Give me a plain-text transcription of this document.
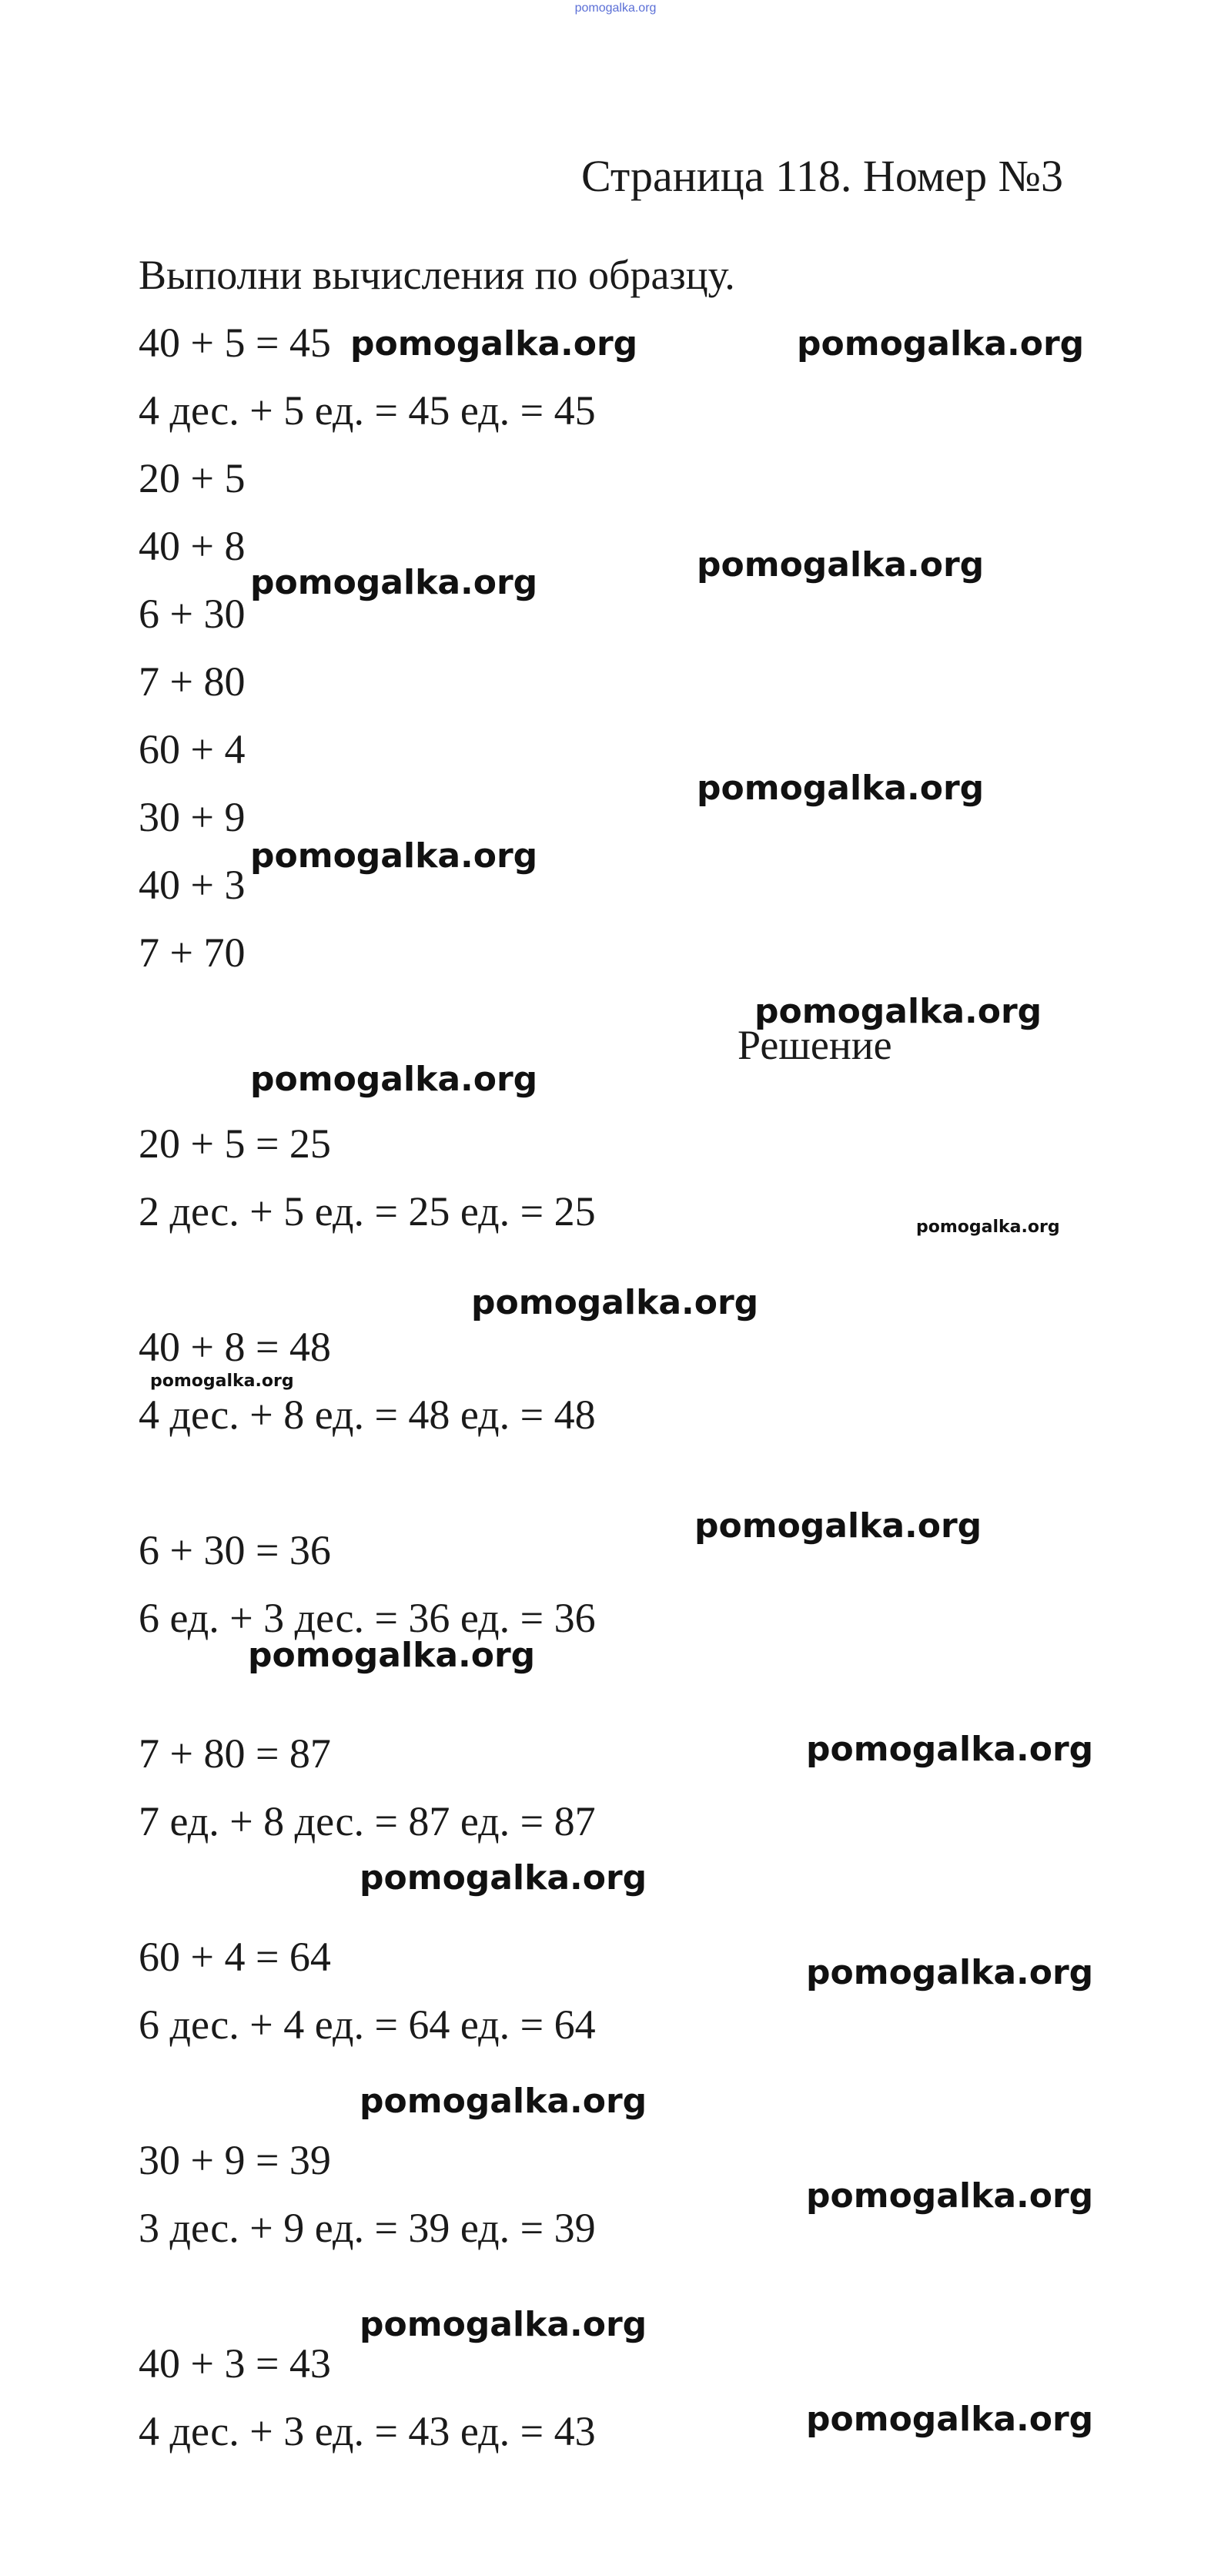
pomogalka.org
Страница 118. Номер №3
Выполни вычисления по образцу.
40 + 5 = 45
4 дес. + 5 ед. = 45 ед. = 45
20 + 5
40 + 8
6 + 30
7 + 80
60 + 4
30 + 9
40 + 3
7 + 70
Решение
20 + 5 = 25
2 дес. + 5 ед. = 25 ед. = 25
40 + 8 = 48
4 дес. + 8 ед. = 48 ед. = 48
6 + 30 = 36
6 ед. + 3 дес. = 36 ед. = 36
7 + 80 = 87
7 ед. + 8 дес. = 87 ед. = 87
60 + 4 = 64
6 дес. + 4 ед. = 64 ед. = 64
30 + 9 = 39
3 дес. + 9 ед. = 39 ед. = 39
40 + 3 = 43
4 дес. + 3 ед. = 43 ед. = 43
pomogalka.org	pomogalka.org
pomogalka.org
pomogalka.org
pomogalka.org
pomogalka.org
pomogalka.org
pomogalka.org
pomogalka.org
pomogalka.org
pomogalka.org
pomogalka.org
pomogalka.org
pomogalka.org
pomogalka.org
pomogalka.org
pomogalka.org
pomogalka.org
pomogalka.org
pomogalka.org
